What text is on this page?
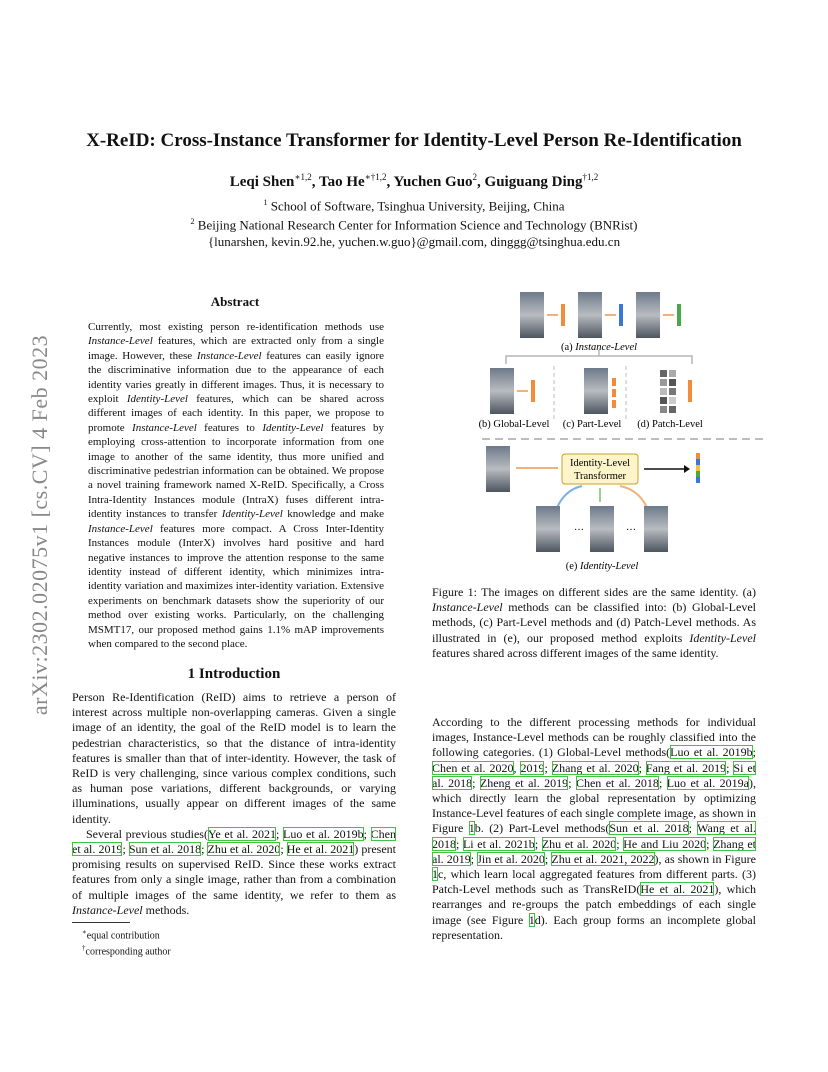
arXiv:2302.02075v1 [cs.CV] 4 Feb 2023
X-ReID: Cross-Instance Transformer for Identity-Level Person Re-Identification
Leqi Shen$^{∗1,2}$, Tao $He^{∗\dagger 1,2}$, Yuchen Guo$^2$, Guiguang Ding$^{\dagger 1,2}$
$^1$ School of Software, Tsinghua University, Beijing, China
$^2$ Beijing National Research Center for Information Science and Technology (BNRist)
{lunarshen, kevin.92.he, yuchen.w.guo}@gmail.com, dinggg@tsinghua.edu.cn
Abstract

Currently, most existing person re-identification methods use Instance-Level features, which are extracted only from a single image. However, these Instance-Level features can easily ignore the discriminative information due to the appearance of each identity varies greatly in different images. Thus, it is necessary to exploit Identity-Level features, which can be shared across different images of each identity. In this paper, we propose to promote Instance-Level features to Identity-Level features by employing cross-attention to incorporate information from one image to another of the same identity, thus more unified and discriminative pedestrian information can be obtained. We propose a novel training framework named X-ReID. Specifically, a Cross Intra-Identity Instances module (IntraX) fuses different intra-identity instances to transfer Identity-Level knowledge and make Instance-Level features more compact. A Cross Inter-Identity Instances module (InterX) involves hard positive and hard negative instances to improve the attention response to the same identity instead of different identity, which minimizes intra-identity variation and maximizes inter-identity variation. Extensive experiments on benchmark datasets show the superiority of our method over existing works. Particularly, on the challenging MSMT17, our proposed method gains 1.1% mAP improvements when compared to the second place.

1 Introduction

Person Re-Identification (ReID) aims to retrieve a person of interest across multiple non-overlapping cameras. Given a single image of an identity, the goal of the ReID model is to learn the pedestrian characteristics, so that the distance of intra-identity features is smaller than that of inter-identity. However, the task of ReID is very challenging, since various complex conditions, such as human pose variations, different backgrounds, or varying illuminations, usually appear on different images of the same identity.

Several previous studies(Ye et al. 2021; Luo et al. 2019b; Chen et al. 2019; Sun et al. 2018; Zhu et al. 2020; He et al. 2021) present promising results on supervised ReID. Since these works extract features from only a single image, rather than from a combination of multiple images of the same identity, we refer to them as Instance-Level methods.

∗equal contribution
†corresponding author
(a) Instance-Level
(b) Global-Level (c) Part-Level (d) Patch-Level
Identity-Level
Transformer
…	…
(e) Identity-Level

Figure 1: The images on different sides are the same identity. (a) Instance-Level methods can be classified into: (b) Global-Level methods, (c) Part-Level methods and (d) Patch-Level methods. As illustrated in (e), our proposed method exploits Identity-Level features shared across different images of the same identity.

According to the different processing methods for individual images, Instance-Level methods can be roughly classified into the following categories. (1) Global-Level methods(Luo et al. 2019b; Chen et al. 2020, 2019; Zhang et al. 2020; Fang et al. 2019; Si et al. 2018; Zheng et al. 2019; Chen et al. 2018; Luo et al. 2019a), which directly learn the global representation by optimizing Instance-Level features of each single complete image, as shown in Figure 1b. (2) Part-Level methods(Sun et al. 2018; Wang et al. 2018; Li et al. 2021b; Zhu et al. 2020; He and Liu 2020; Zhang et al. 2019; Jin et al. 2020; Zhu et al. 2021, 2022), as shown in Figure 1c, which learn local aggregated features from different parts. (3) Patch-Level methods such as TransReID(He et al. 2021), which rearranges and re-groups the patch embeddings of each single image (see Figure 1d). Each group forms an incomplete global representation.
